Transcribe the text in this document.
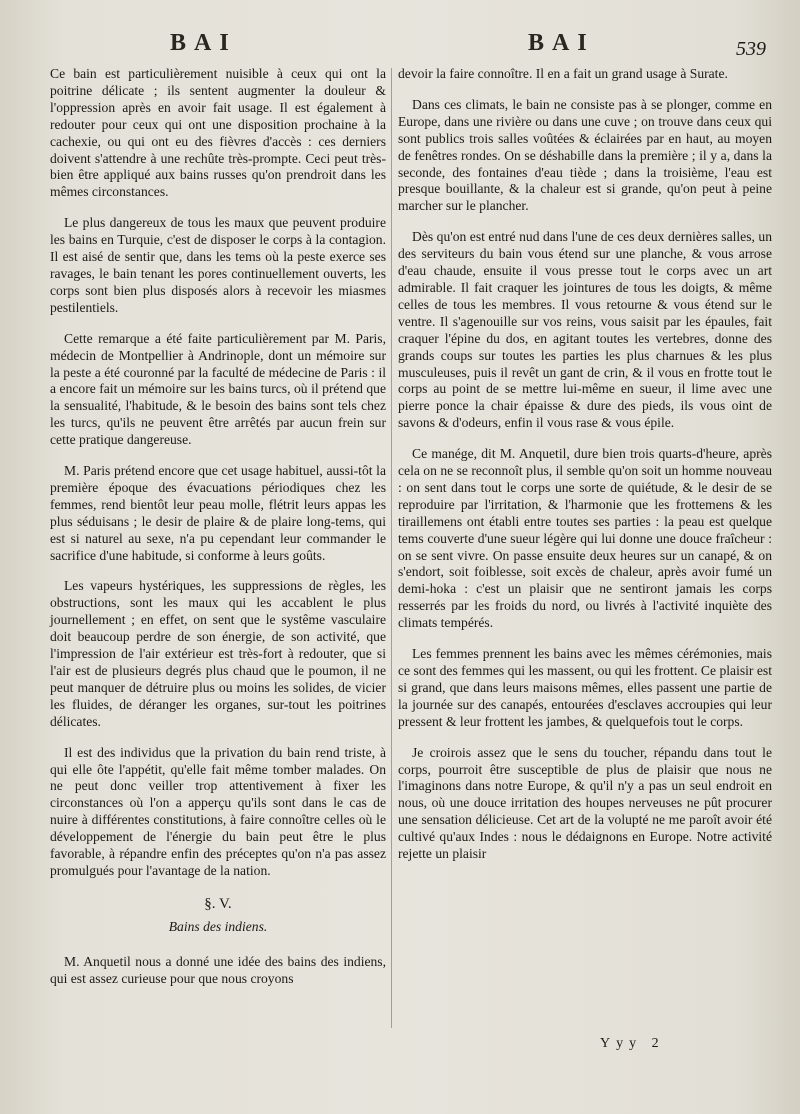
BAI	BAI	539

Ce bain est particulièrement nuisible à ceux qui ont la poitrine délicate ; ils sentent augmenter la douleur & l'oppression après en avoir fait usage. Il est également à redouter pour ceux qui ont une disposition prochaine à la cachexie, ou qui ont eu des fièvres d'accès : ces derniers doivent s'attendre à une rechûte très-prompte. Ceci peut très-bien être appliqué aux bains russes qu'on prendroit dans les mêmes circonstances.

Le plus dangereux de tous les maux que peuvent produire les bains en Turquie, c'est de disposer le corps à la contagion. Il est aisé de sentir que, dans les tems où la peste exerce ses ravages, le bain tenant les pores continuellement ouverts, les corps sont bien plus disposés alors à recevoir les miasmes pestilentiels.

Cette remarque a été faite particulièrement par M. Paris, médecin de Montpellier à Andrinople, dont un mémoire sur la peste a été couronné par la faculté de médecine de Paris : il a encore fait un mémoire sur les bains turcs, où il prétend que la sensualité, l'habitude, & le besoin des bains sont tels chez les turcs, qu'ils ne peuvent être arrêtés par aucun frein sur cette pratique dangereuse.

M. Paris prétend encore que cet usage habituel, aussi-tôt la première époque des évacuations périodiques chez les femmes, rend bientôt leur peau molle, flétrit leurs appas les plus séduisans ; le desir de plaire & de plaire long-tems, qui est si naturel au sexe, n'a pu cependant leur commander le sacrifice d'une habitude, si conforme à leurs goûts.

Les vapeurs hystériques, les suppressions de règles, les obstructions, sont les maux qui les accablent le plus journellement ; en effet, on sent que le systême vasculaire doit beaucoup perdre de son énergie, de son activité, que l'impression de l'air extérieur est très-fort à redouter, que si l'air est de plusieurs degrés plus chaud que le poumon, il ne peut manquer de détruire plus ou moins les solides, de vicier les fluides, de déranger les organes, sur-tout les poitrines délicates.

Il est des individus que la privation du bain rend triste, à qui elle ôte l'appétit, qu'elle fait même tomber malades. On ne peut donc veiller trop attentivement à fixer les circonstances où l'on a apperçu qu'ils sont dans le cas de nuire à différentes constitutions, à faire connoître celles où le développement de l'énergie du bain peut être le plus favorable, à répandre enfin des préceptes qu'on n'a pas assez promulgués pour l'avantage de la nation.

§. V.
Bains des indiens.

M. Anquetil nous a donné une idée des bains des indiens, qui est assez curieuse pour que nous croyons

devoir la faire connoître. Il en a fait un grand usage à Surate.

Dans ces climats, le bain ne consiste pas à se plonger, comme en Europe, dans une rivière ou dans une cuve ; on trouve dans ceux qui sont publics trois salles voûtées & éclairées par en haut, au moyen de fenêtres rondes. On se déshabille dans la première ; il y a, dans la seconde, des fontaines d'eau tiède ; dans la troisième, l'eau est presque bouillante, & la chaleur est si grande, qu'on peut à peine marcher sur le plancher.

Dès qu'on est entré nud dans l'une de ces deux dernières salles, un des serviteurs du bain vous étend sur une planche, & vous arrose d'eau chaude, ensuite il vous presse tout le corps avec un art admirable. Il fait craquer les jointures de tous les doigts, & même celles de tous les membres. Il vous retourne & vous étend sur le ventre. Il s'agenouille sur vos reins, vous saisit par les épaules, fait craquer l'épine du dos, en agitant toutes les vertebres, donne des grands coups sur toutes les parties les plus charnues & les plus musculeuses, puis il revêt un gant de crin, & il vous en frotte tout le corps au point de se mettre lui-même en sueur, il lime avec une pierre ponce la chair épaisse & dure des pieds, ils vous oint de savons & d'odeurs, enfin il vous rase & vous épile.

Ce manége, dit M. Anquetil, dure bien trois quarts-d'heure, après cela on ne se reconnoît plus, il semble qu'on soit un homme nouveau : on sent dans tout le corps une sorte de quiétude, & le desir de se reproduire par l'irritation, & l'harmonie que les frottemens & les tiraillemens ont établi entre toutes ses parties : la peau est quelque tems couverte d'une sueur légère qui lui donne une douce fraîcheur : on se sent vivre. On passe ensuite deux heures sur un canapé, & on s'endort, soit foiblesse, soit excès de chaleur, après avoir fumé un demi-hoka : c'est un plaisir que ne sentiront jamais les corps resserrés par les froids du nord, ou livrés à l'activité inquiète des climats tempérés.

Les femmes prennent les bains avec les mêmes cérémonies, mais ce sont des femmes qui les massent, ou qui les frottent. Ce plaisir est si grand, que dans leurs maisons mêmes, elles passent une partie de la journée sur des canapés, entourées d'esclaves accroupies qui leur pressent & leur frottent les jambes, & quelquefois tout le corps.

Je croirois assez que le sens du toucher, répandu dans tout le corps, pourroit être susceptible de plus de plaisir que nous ne l'imaginons dans notre Europe, & qu'il n'y a pas un seul endroit en nous, où une douce irritation des houpes nerveuses ne pût procurer une sensation délicieuse. Cet art de la volupté ne me paroît avoir été cultivé qu'aux Indes : nous le dédaignons en Europe. Notre activité rejette un plaisir

Yyy 2
